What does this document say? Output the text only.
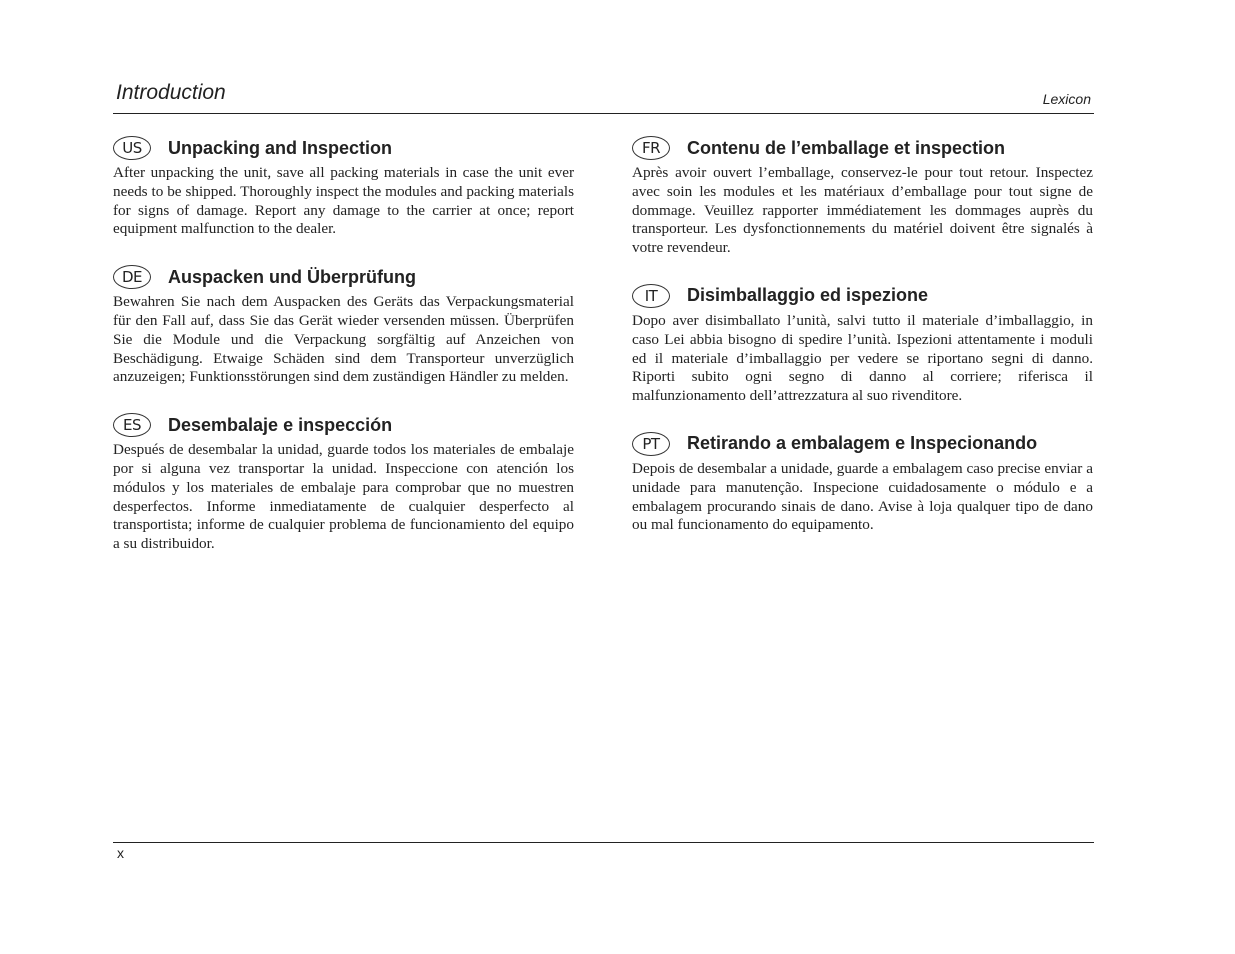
Introduction	Lexicon
US	Unpacking and Inspection

After unpacking the unit, save all packing materials in case the unit ever needs to be shipped. Thoroughly inspect the modules and packing materials for signs of damage. Report any damage to the carrier at once; report equipment malfunction to the dealer.

DE	Auspacken und Überprüfung

Bewahren Sie nach dem Auspacken des Geräts das Verpackungsmaterial für den Fall auf, dass Sie das Gerät wieder versenden müssen. Überprüfen Sie die Module und die Verpackung sorgfältig auf Anzeichen von Beschädigung. Etwaige Schäden sind dem Transporteur unverzüglich anzuzeigen; Funktionsstörungen sind dem zuständigen Händler zu melden.

ES	Desembalaje e inspección

Después de desembalar la unidad, guarde todos los materiales de embalaje por si alguna vez transportar la unidad. Inspeccione con atención los módulos y los materiales de embalaje para comprobar que no muestren desperfectos. Informe inmediatamente de cualquier desperfecto al transportista; informe de cualquier problema de funcionamiento del equipo a su distribuidor.

FR	Contenu de l’emballage et inspection

Après avoir ouvert l’emballage, conservez-le pour tout retour. Inspectez avec soin les modules et les matériaux d’emballage pour tout signe de dommage. Veuillez rapporter immédiatement les dommages auprès du transporteur. Les dysfonctionnements du matériel doivent être signalés à votre revendeur.

IT	Disimballaggio ed ispezione

Dopo aver disimballato l’unità, salvi tutto il materiale d’imballaggio, in caso Lei abbia bisogno di spedire l’unità. Ispezioni attentamente i moduli ed il materiale d’imballaggio per vedere se riportano segni di danno. Riporti subito ogni segno di danno al corriere; riferisca il malfunzionamento dell’attrezzatura al suo rivenditore.

PT	Retirando a embalagem e Inspecionando

Depois de desembalar a unidade, guarde a embalagem caso precise enviar a unidade para manutenção. Inspecione cuidadosamente o módulo e a embalagem procurando sinais de dano. Avise à loja qualquer tipo de dano ou mal funcionamento do equipamento.

x
